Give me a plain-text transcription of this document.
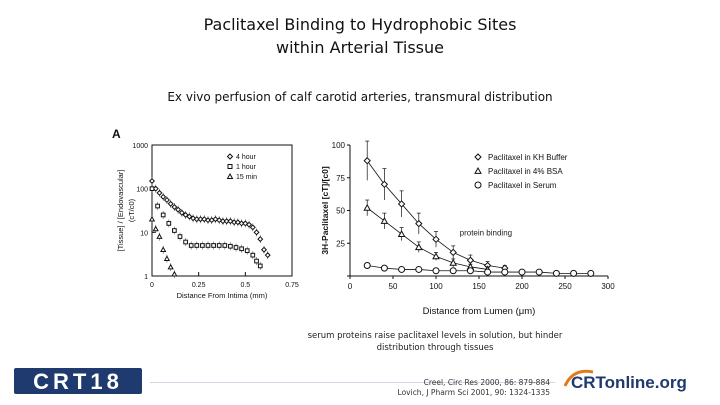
Paclitaxel Binding to Hydrophobic Sites
within Arterial Tissue
Ex vivo perfusion of calf carotid arteries, transmural distribution
A
1
10
100
1000
0	0.25	0.5	0.75
Distance From Intima (mm)
[Tissue] / [Endovascular] (cT/c0)
4 hour
1 hour
15 min
25
50
75
100
0	50	100	150	200	250	300
Distance from Lumen (μm)
3H-Paclitaxel [cT]/[c0]
Paclitaxel in KH Buffer
Paclitaxel in 4% BSA
Paclitaxel in Serum
protein binding
serum proteins raise paclitaxel levels in solution, but hinder
distribution through tissues
Creel, Circ Res 2000, 86: 879-884
Lovich, J Pharm Sci 2001, 90: 1324-1335
CRT18	CRTonline.org
